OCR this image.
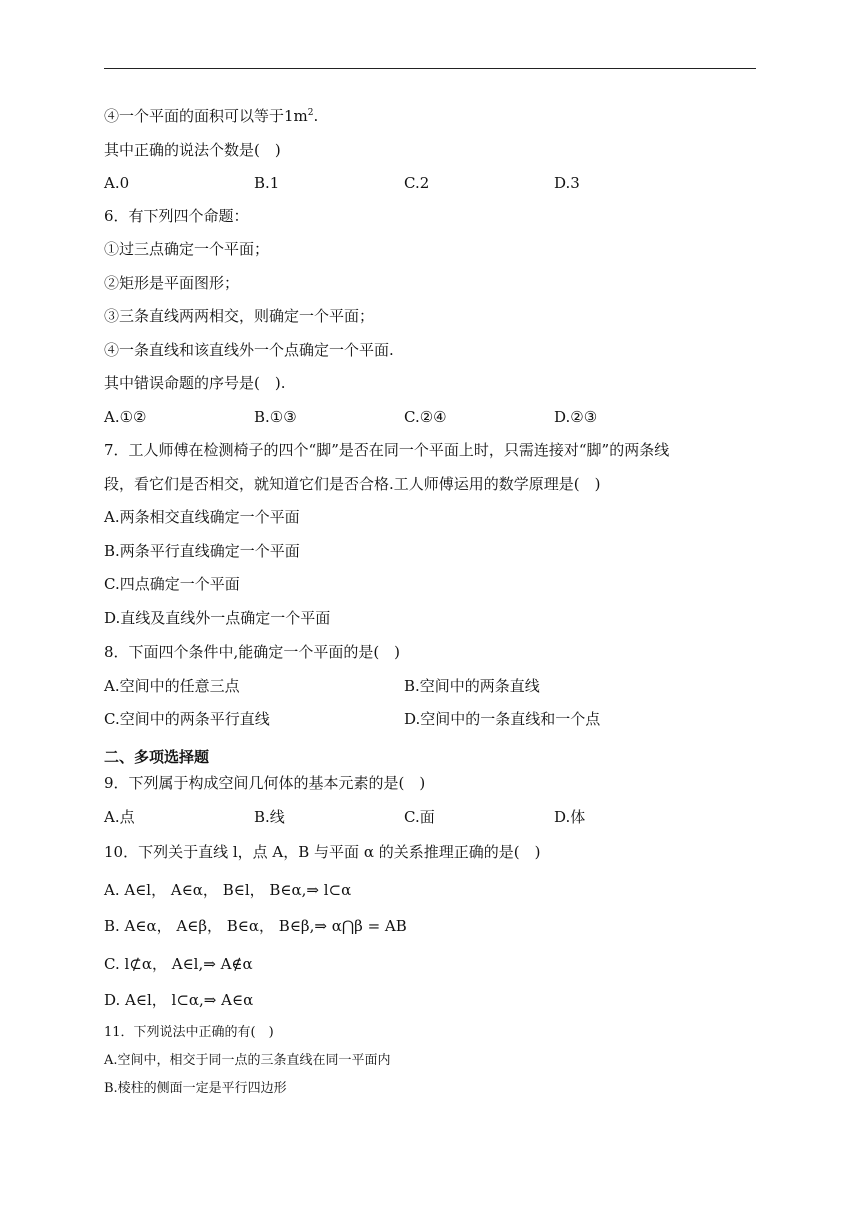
④一个平面的面积可以等于$1m^2$.
其中正确的说法个数是(　)
A.0	B.1	C.2	D.3
6．有下列四个命题：
①过三点确定一个平面；
②矩形是平面图形；
③三条直线两两相交，则确定一个平面；
④一条直线和该直线外一个点确定一个平面.
其中错误命题的序号是(　).
A.①②	B.①③	C.②④	D.②③
7．工人师傅在检测椅子的四个“脚”是否在同一个平面上时，只需连接对“脚”的两条线
段，看它们是否相交，就知道它们是否合格.工人师傅运用的数学原理是(　)
A.两条相交直线确定一个平面
B.两条平行直线确定一个平面
C.四点确定一个平面
D.直线及直线外一点确定一个平面
8．下面四个条件中,能确定一个平面的是(　)
A.空间中的任意三点	B.空间中的两条直线
C.空间中的两条平行直线	D.空间中的一条直线和一个点
二、多项选择题
9．下列属于构成空间几何体的基本元素的是(　)
A.点	B.线	C.面	D.体
10．下列关于直线 l，点 A，B 与平面 α 的关系推理正确的是(　)
A. A∈l， A∈α， B∈l， B∈α,⇒ l⊂α
B. A∈α， A∈β， B∈α， B∈β,⇒ α⋂β = AB
C. l⊄α， A∈l,⇒ A∉α
D. A∈l， l⊂α,⇒ A∈α
11．下列说法中正确的有(　)
A.空间中，相交于同一点的三条直线在同一平面内
B.棱柱的侧面一定是平行四边形
